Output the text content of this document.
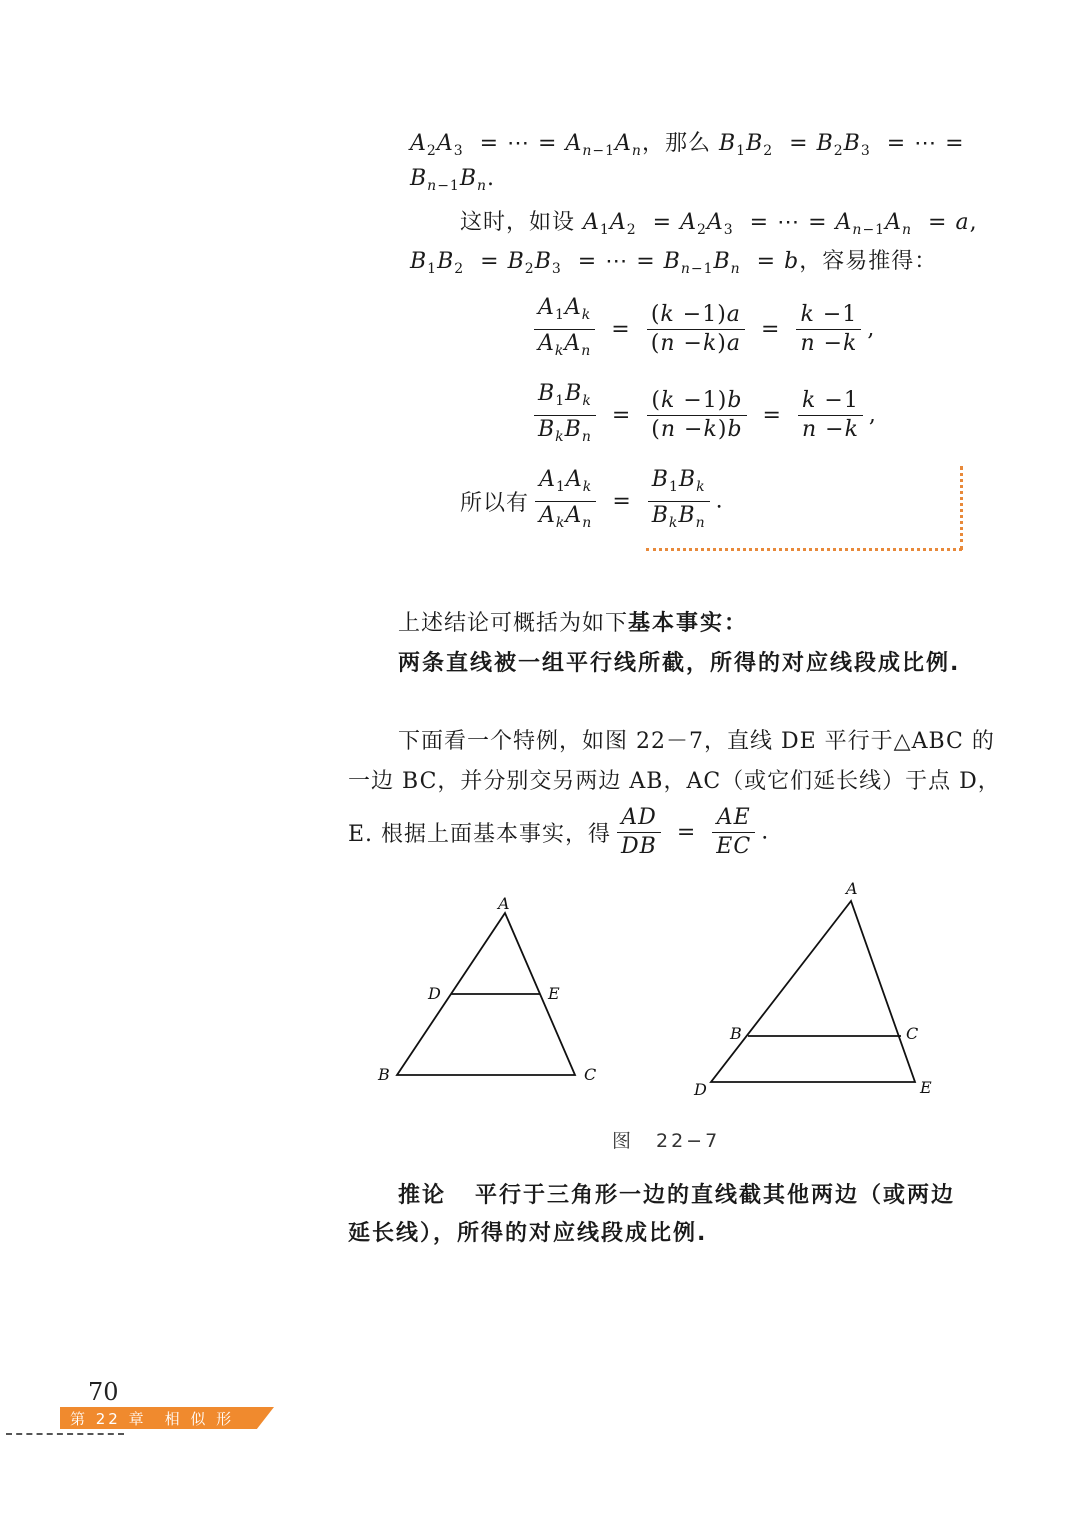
$A_2A_3$  = ⋯ = $A_{n-1}A_n$，那么 $B_1B_2 = B_2B_3$  = ⋯ =
$B_{n-1}B_n$.
这时，如设 $A_1A_2 = A_2A_3$  = ⋯ = $A_{n-1}A_n = a$,
$B_1B_2 = B_2B_3$  = ⋯ = $B_{n-1}B_n = b$，容易推得：
$\frac{A_1A_k}{A_kA_n} = \frac{(k -1)a}{(n -k)a} = \frac{k -1}{n -k}$ ,
$\frac{B_1B_k}{B_kB_n} = \frac{(k -1)b}{(n -k)b} = \frac{k -1}{n -k}$ ,
所以有 $\frac{A_1A_k}{A_kA_n} = \frac{B_1B_k}{B_kB_n}$ .
上述结论可概括为如下基本事实：
两条直线被一组平行线所截，所得的对应线段成比例.
下面看一个特例，如图 22－7，直线 DE 平行于△ABC 的
一边 BC，并分别交另两边 AB，AC（或它们延长线）于点 D，
E. 根据上面基本事实，得 $\frac{AD}{DB} = \frac{AE}{EC}$ .
A
D	E
B	C
A
B	C
D	E
图　22−7
推论 平行于三角形一边的直线截其他两边（或两边
延长线），所得的对应线段成比例.
70
第 22 章　相 似 形
